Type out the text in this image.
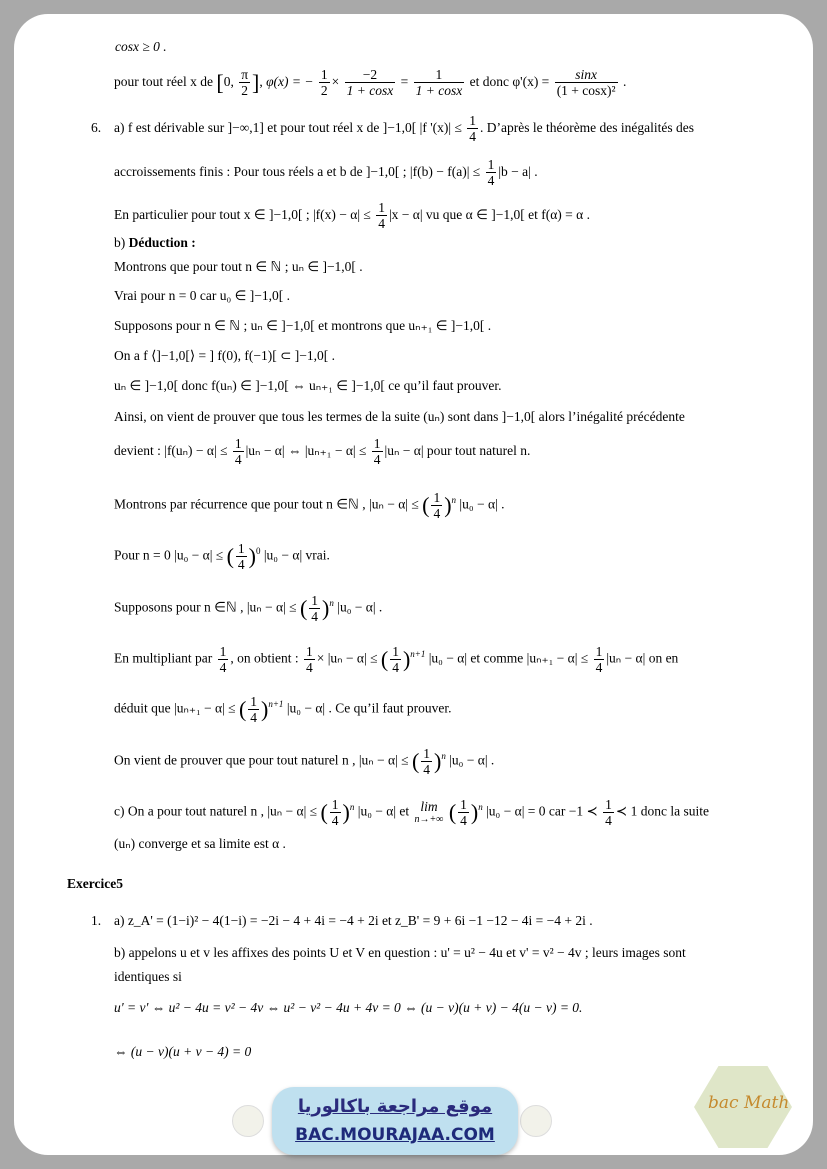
cosx ≥ 0 .
pour tout réel x de [0, $\frac{\pi}{2}$ ], φ(x) = − $\frac{1}{2} \times \frac{-2}{1 + \cos x} = \frac{1}{1 + \cos x}$ et donc $\varphi'(x) = \frac{\sin x}{\text{(1 + cosx)²}}$ .
6. a) f est dérivable sur ]−∞,1] et pour tout réel x de ]−1,0[ |f '$(x)| \le \frac{1}{4}$ . D’après le théorème des inégalités des
accroissements finis : Pour tous réels a et b de ]−1,0[ ; $|f(b) - f(a)| \le \frac{1}{4} |b - a|$ .
En particulier pour tout x ∈ ]−1,0[ ; $|f(x) - \alpha| \le \frac{1}{4} |x - \alpha|$ vu que α ∈ ]−1,0[ et f(α) = α .
b) Déduction :
Montrons que pour tout n ∈ ℕ ; uₙ ∈ ]−1,0[ .
Vrai pour n = 0 car u₀ ∈ ]−1,0[ .
Supposons pour n ∈ ℕ ; uₙ ∈ ]−1,0[ et montrons que uₙ₊₁ ∈ ]−1,0[ .
On a f ⟨]−1,0[⟩ = ] f(0), f(−1)[ ⊂ ]−1,0[ .
uₙ ∈ ]−1,0[ donc f(uₙ) ∈ ]−1,0[ ⇔ uₙ₊₁ ∈ ]−1,0[ ce qu’il faut prouver.
Ainsi, on vient de prouver que tous les termes de la suite (uₙ) sont dans ]−1,0[ alors l’inégalité précédente
devient : $|f(u_n) - \alpha| \le \frac{1}{4} |u_n - \alpha|$ ⇔ $|u_{n+1} - \alpha| \le \frac{1}{4} |u_n - \alpha|$ pour tout naturel n.
Montrons par récurrence que pour tout n ∈ℕ , |uₙ − α| ≤ ( $\frac{1}{4} )^n$ |u₀ − α| .
Pour n = 0 |u₀ − α| ≤ ( $\frac{1}{4} )^0$ |u₀ − α| vrai.
Supposons pour n ∈ℕ , |uₙ − α| ≤ ( $\frac{1}{4} )^n$ |u₀ − α| .
En multipliant par $\frac{1}{4}$ , on obtient : $\frac{1}{4} \times |u_n - \alpha|$ ≤ ( $\frac{1}{4} )^{n+1}$ |u₀ − α| et comme $|u_{n+1} - \alpha| \le \frac{1}{4} |u_n - \alpha|$ on en
déduit que |uₙ₊₁ − α| ≤ ( $\frac{1}{4} )^{n+1}$ |u₀ − α| . Ce qu’il faut prouver.
On vient de prouver que pour tout naturel n , |uₙ − α| ≤ ( $\frac{1}{4} )^n$ |u₀ − α| .
c) On a pour tout naturel n , |uₙ − α| ≤ ( $\frac{1}{4} )^n$ |u₀ − α| et lim
n→+∞ ( $\frac{1}{4} )^n$ |u₀ − α| = 0 car −1 ≺ $\frac{1}{4}$ ≺ 1 donc la suite
(uₙ) converge et sa limite est α .
Exercice5
1. a) z_A' = (1−i)² − 4(1−i) = −2i − 4 + 4i = −4 + 2i et z_B' = 9 + 6i −1 −12 − 4i = −4 + 2i .
b) appelons u et v les affixes des points U et V en question : u' = u² − 4u et v' = v² − 4v ; leurs images sont
identiques si
u' = v' ⇔ u² − 4u = v² − 4v ⇔ u² − v² − 4u + 4v = 0 ⇔ (u − v)(u + v) − 4(u − v) = 0.
⇔ (u − v)(u + v − 4) = 0
موقع مراجعة باكالوريا
BAC.MOURAJAA.COM
bac Math
